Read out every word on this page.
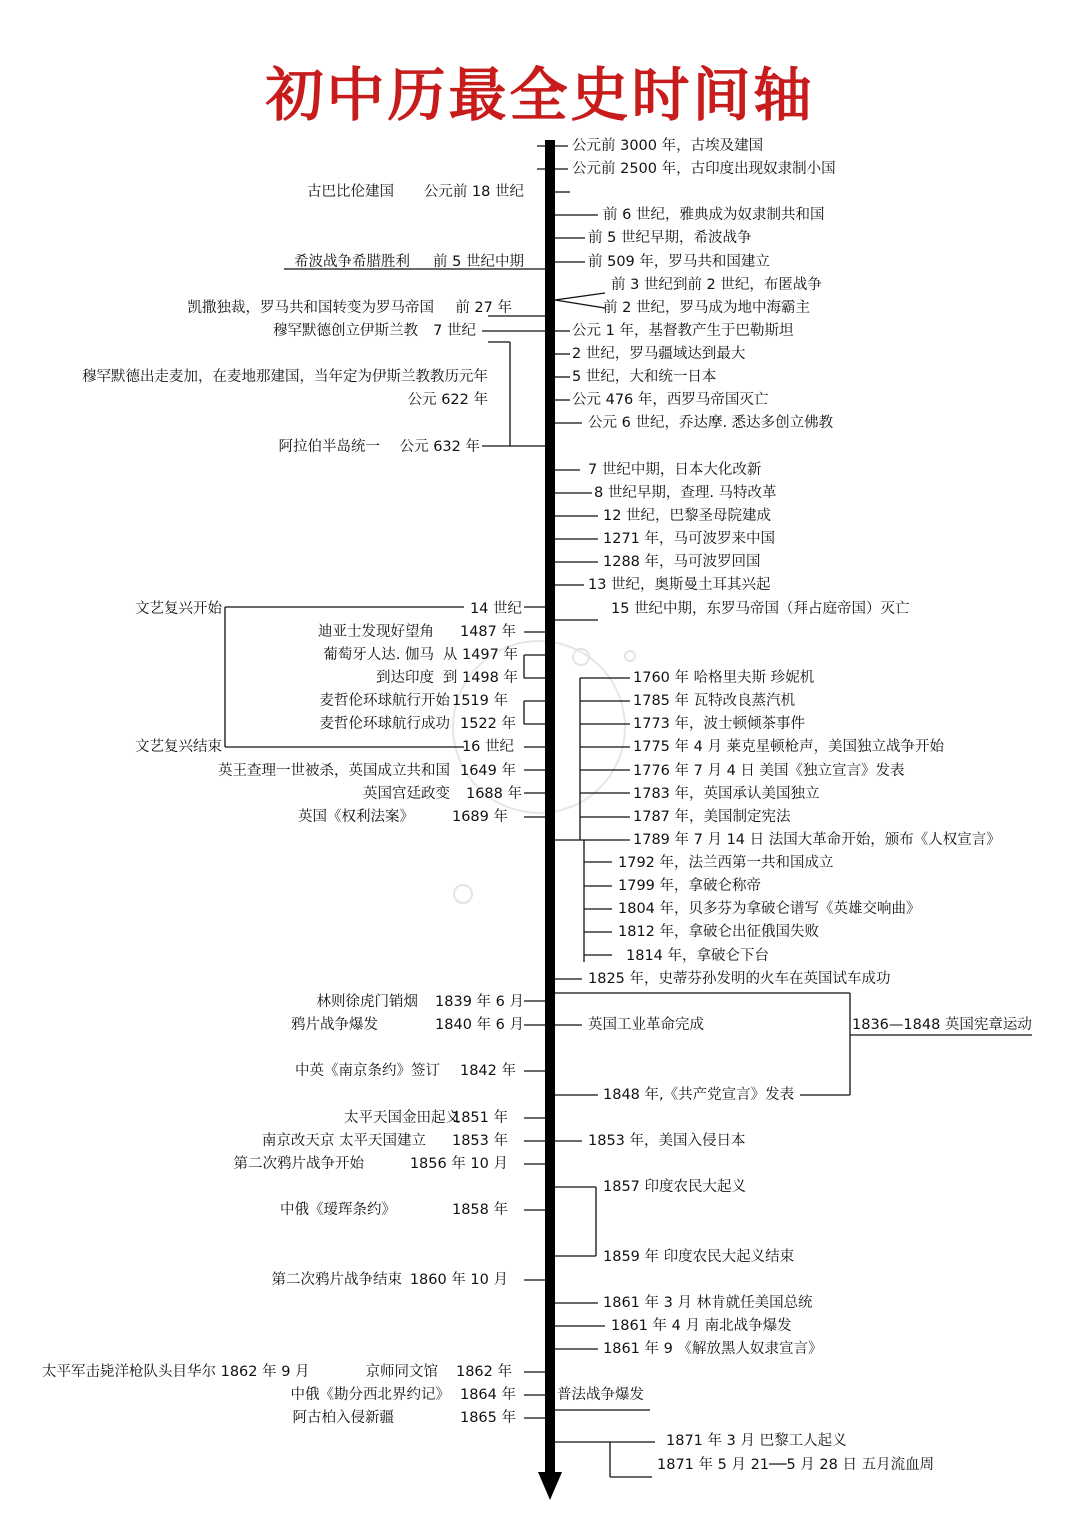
初中历最全史时间轴
古巴比伦建国 公元前 18 世纪
希波战争希腊胜利 前 5 世纪中期
凯撒独裁，罗马共和国转变为罗马帝国 前 27 年
穆罕默德创立伊斯兰教 7 世纪
穆罕默德出走麦加，在麦地那建国，当年定为伊斯兰教教历元年
公元 622 年
阿拉伯半岛统一 公元 632 年
文艺复兴开始	14 世纪
迪亚士发现好望角 1487 年
葡萄牙人达. 伽马 从 1497 年
到达印度 到 1498 年
麦哲伦环球航行开始 1519 年
麦哲伦环球航行成功 1522 年
文艺复兴结束	16 世纪
英王查理一世被杀，英国成立共和国 1649 年
英国宫廷政变 1688 年
英国《权利法案》	1689 年
林则徐虎门销烟 1839 年 6 月
鸦片战争爆发	1840 年 6 月
中英《南京条约》签订 1842 年
太平天国金田起义
1851 年
南京改天京 太平天国建立 1853 年
第二次鸦片战争开始	1856 年 10 月
中俄《瑷珲条约》	1858 年
第二次鸦片战争结束 1860 年 10 月
太平军击毙洋枪队头目华尔 1862 年 9 月	京师同文馆 1862 年
中俄《勘分西北界约记》 1864 年
阿古柏入侵新疆	1865 年
公元前 3000 年，古埃及建国
公元前 2500 年，古印度出现奴隶制小国
前 6 世纪，雅典成为奴隶制共和国
前 5 世纪早期，希波战争
前 509 年，罗马共和国建立
前 3 世纪到前 2 世纪，布匿战争
前 2 世纪，罗马成为地中海霸主
公元 1 年，基督教产生于巴勒斯坦
2 世纪，罗马疆域达到最大
5 世纪，大和统一日本
公元 476 年，西罗马帝国灭亡
公元 6 世纪，乔达摩. 悉达多创立佛教
7 世纪中期，日本大化改新
8 世纪早期，查理. 马特改革
12 世纪，巴黎圣母院建成
1271 年，马可波罗来中国
1288 年，马可波罗回国
13 世纪，奥斯曼土耳其兴起
15 世纪中期，东罗马帝国（拜占庭帝国）灭亡
1760 年 哈格里夫斯 珍妮机
1785 年 瓦特改良蒸汽机
1773 年，波士顿倾茶事件
1775 年 4 月 莱克星顿枪声，美国独立战争开始
1776 年 7 月 4 日 美国《独立宣言》发表
1783 年，英国承认美国独立
1787 年，美国制定宪法
1789 年 7 月 14 日 法国大革命开始，颁布《人权宣言》
1792 年，法兰西第一共和国成立
1799 年，拿破仑称帝
1804 年，贝多芬为拿破仑谱写《英雄交响曲》
1812 年，拿破仑出征俄国失败
1814 年，拿破仑下台
1825 年，史蒂芬孙发明的火车在英国试车成功
英国工业革命完成	1836—1848 英国宪章运动
1848 年,《共产党宣言》发表
1853 年，美国入侵日本
1857 印度农民大起义
1859 年 印度农民大起义结束
1861 年 3 月 林肯就任美国总统
1861 年 4 月 南北战争爆发
1861 年 9 《解放黑人奴隶宣言》
普法战争爆发
1871 年 3 月 巴黎工人起义
1871 年 5 月 21──5 月 28 日 五月流血周
